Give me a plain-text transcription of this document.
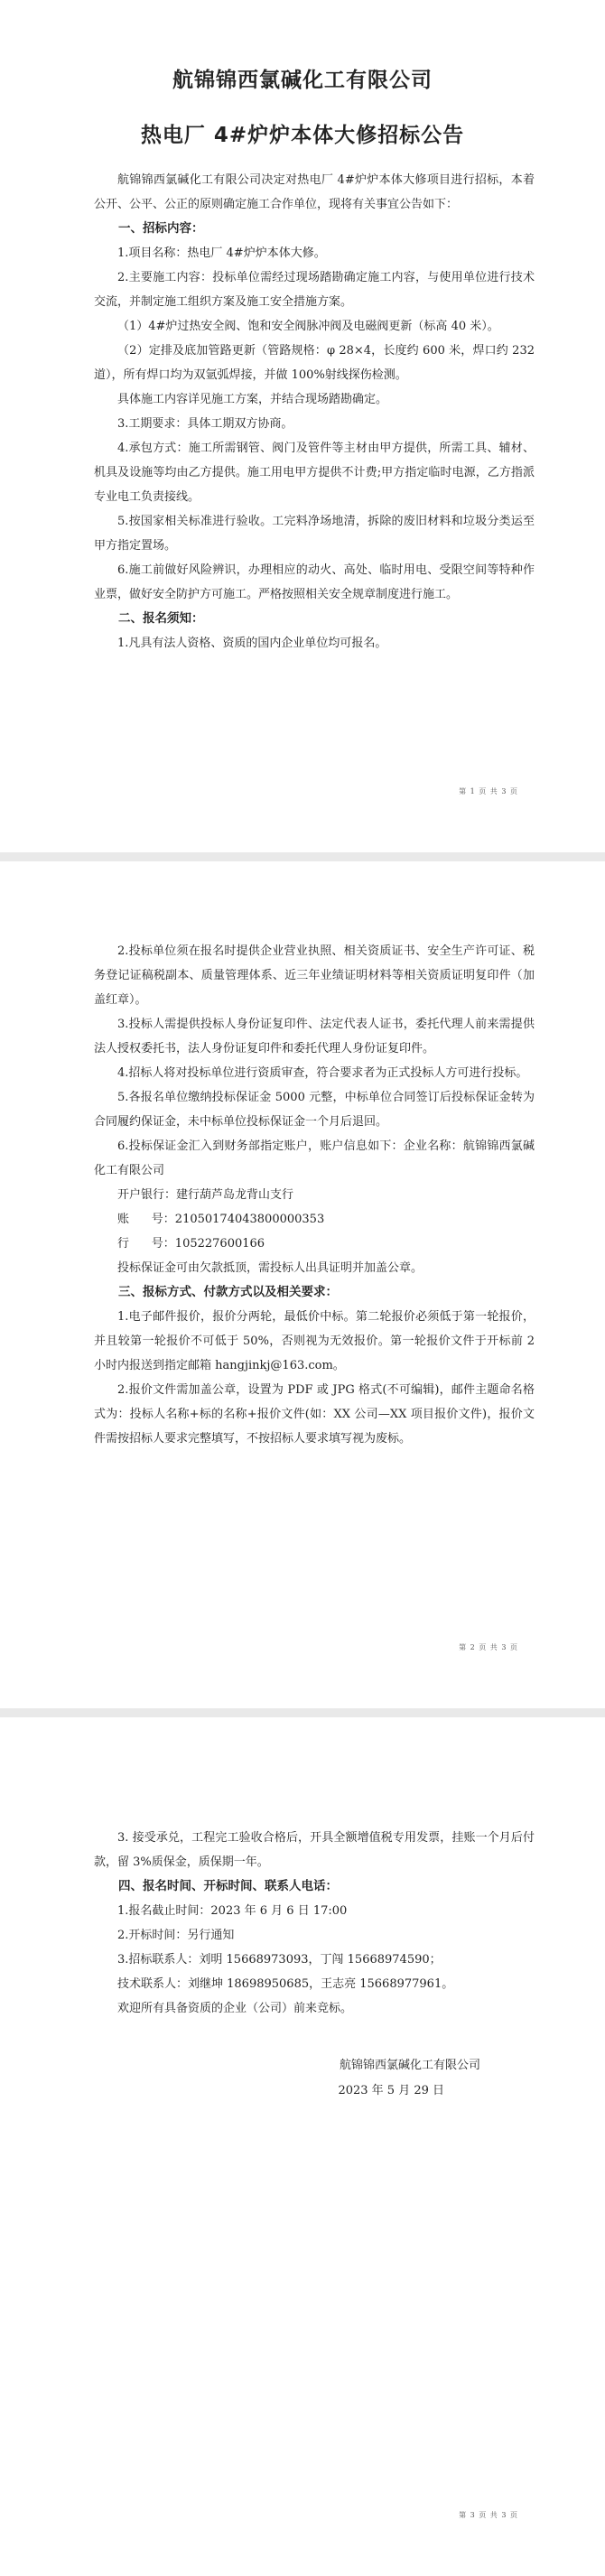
航锦锦西氯碱化工有限公司
热电厂 4#炉炉本体大修招标公告

航锦锦西氯碱化工有限公司决定对热电厂 4#炉炉本体大修项目进行招标，本着公开、公平、公正的原则确定施工合作单位，现将有关事宜公告如下：

一、招标内容：

1.项目名称：热电厂 4#炉炉本体大修。

2.主要施工内容：投标单位需经过现场踏勘确定施工内容，与使用单位进行技术交流，并制定施工组织方案及施工安全措施方案。

（1）4#炉过热安全阀、饱和安全阀脉冲阀及电磁阀更新（标高 40 米）。

（2）定排及底加管路更新（管路规格：φ 28×4，长度约 600 米，焊口约 232 道），所有焊口均为双氩弧焊接，并做 100%射线探伤检测。

具体施工内容详见施工方案，并结合现场踏勘确定。

3.工期要求：具体工期双方协商。

4.承包方式：施工所需钢管、阀门及管件等主材由甲方提供，所需工具、辅材、机具及设施等均由乙方提供。施工用电甲方提供不计费;甲方指定临时电源，乙方指派专业电工负责接线。

5.按国家相关标准进行验收。工完料净场地清，拆除的废旧材料和垃圾分类运至甲方指定置场。

6.施工前做好风险辨识，办理相应的动火、高处、临时用电、受限空间等特种作业票，做好安全防护方可施工。严格按照相关安全规章制度进行施工。

二、报名须知：

1.凡具有法人资格、资质的国内企业单位均可报名。

第 1 页 共 3 页

2.投标单位须在报名时提供企业营业执照、相关资质证书、安全生产许可证、税务登记证稿税副本、质量管理体系、近三年业绩证明材料等相关资质证明复印件（加盖红章）。

3.投标人需提供投标人身份证复印件、法定代表人证书，委托代理人前来需提供法人授权委托书，法人身份证复印件和委托代理人身份证复印件。

4.招标人将对投标单位进行资质审查，符合要求者为正式投标人方可进行投标。

5.各报名单位缴纳投标保证金 5000 元整，中标单位合同签订后投标保证金转为合同履约保证金，未中标单位投标保证金一个月后退回。

6.投标保证金汇入到财务部指定账户，账户信息如下：企业名称：航锦锦西氯碱化工有限公司

开户银行：建行葫芦岛龙背山支行

账      号：21050174043800000353

行      号：105227600166

投标保证金可由欠款抵顶，需投标人出具证明并加盖公章。

三、报标方式、付款方式以及相关要求：

1.电子邮件报价，报价分两轮，最低价中标。第二轮报价必须低于第一轮报价，并且较第一轮报价不可低于 50%，否则视为无效报价。第一轮报价文件于开标前 2 小时内报送到指定邮箱 hangjinkj@163.com。

2.报价文件需加盖公章，设置为 PDF 或 JPG 格式(不可编辑)，邮件主题命名格式为：投标人名称+标的名称+报价文件(如：XX 公司—XX 项目报价文件)，报价文件需按招标人要求完整填写，不按招标人要求填写视为废标。

第 2 页 共 3 页

3. 接受承兑，工程完工验收合格后，开具全额增值税专用发票，挂账一个月后付款，留 3%质保金，质保期一年。

四、报名时间、开标时间、联系人电话：

1.报名截止时间：2023 年 6 月 6 日 17:00

2.开标时间：另行通知

3.招标联系人：刘明 15668973093，丁闯 15668974590；

技术联系人：刘继坤 18698950685，王志亮 15668977961。

欢迎所有具备资质的企业（公司）前来竞标。

航锦锦西氯碱化工有限公司

2023 年 5 月 29 日

第 3 页 共 3 页
